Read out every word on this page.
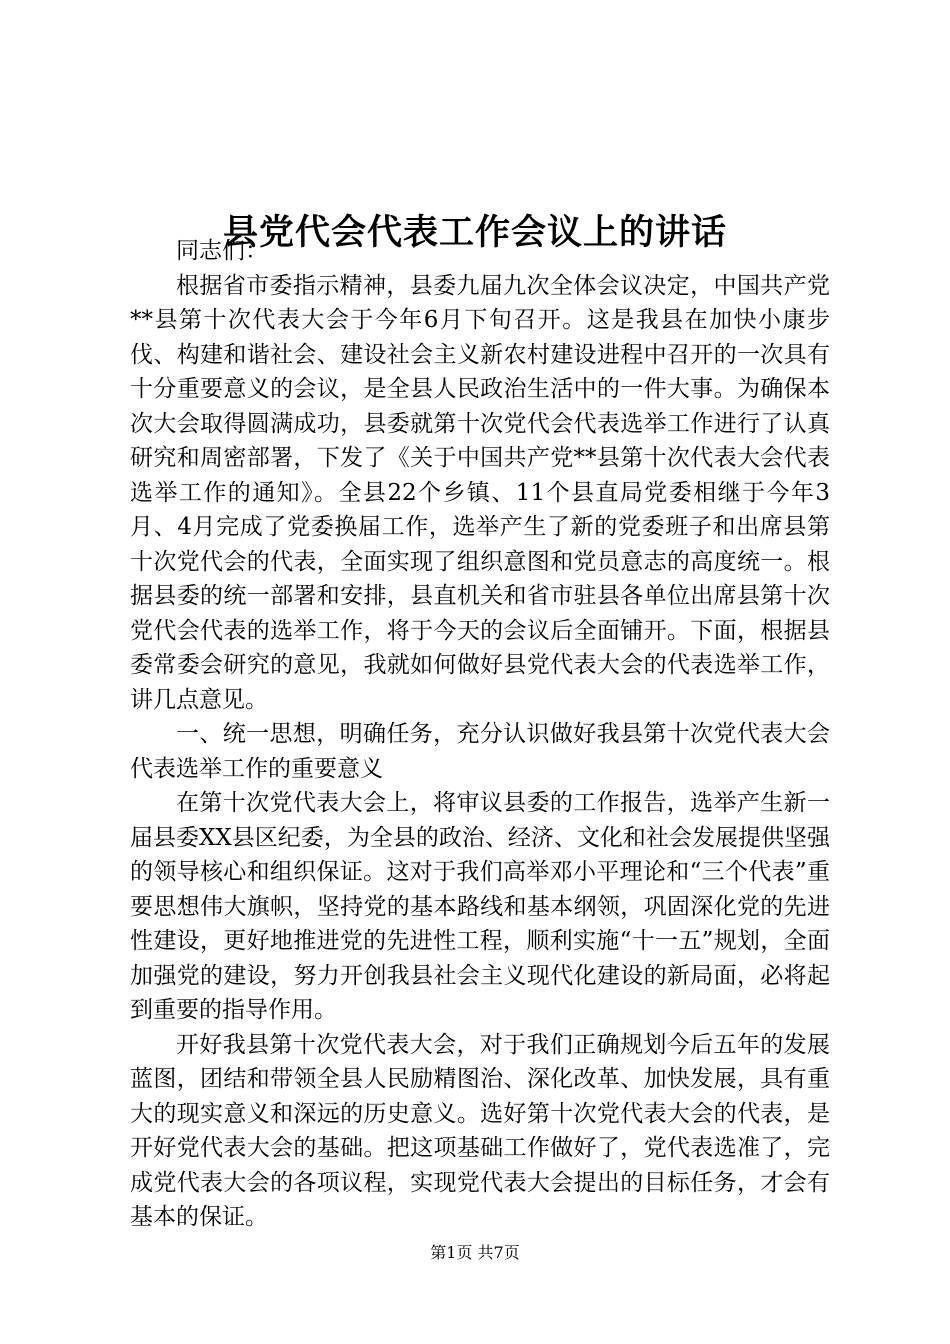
县党代会代表工作会议上的讲话

同志们：

根据省市委指示精神，县委九届九次全体会议决定，中国共产党**县第十次代表大会于今年6月下旬召开。这是我县在加快小康步伐、构建和谐社会、建设社会主义新农村建设进程中召开的一次具有十分重要意义的会议，是全县人民政治生活中的一件大事。为确保本次大会取得圆满成功，县委就第十次党代会代表选举工作进行了认真研究和周密部署，下发了《关于中国共产党**县第十次代表大会代表选举工作的通知》。全县22个乡镇、11个县直局党委相继于今年3月、4月完成了党委换届工作，选举产生了新的党委班子和出席县第十次党代会的代表，全面实现了组织意图和党员意志的高度统一。根据县委的统一部署和安排，县直机关和省市驻县各单位出席县第十次党代会代表的选举工作，将于今天的会议后全面铺开。下面，根据县委常委会研究的意见，我就如何做好县党代表大会的代表选举工作，讲几点意见。

一、统一思想，明确任务，充分认识做好我县第十次党代表大会代表选举工作的重要意义

在第十次党代表大会上，将审议县委的工作报告，选举产生新一届县委XX县区纪委，为全县的政治、经济、文化和社会发展提供坚强的领导核心和组织保证。这对于我们高举邓小平理论和“三个代表”重要思想伟大旗帜，坚持党的基本路线和基本纲领，巩固深化党的先进性建设，更好地推进党的先进性工程，顺利实施“十一五”规划，全面加强党的建设，努力开创我县社会主义现代化建设的新局面，必将起到重要的指导作用。

开好我县第十次党代表大会，对于我们正确规划今后五年的发展蓝图，团结和带领全县人民励精图治、深化改革、加快发展，具有重大的现实意义和深远的历史意义。选好第十次党代表大会的代表，是开好党代表大会的基础。把这项基础工作做好了，党代表选准了，完成党代表大会的各项议程，实现党代表大会提出的目标任务，才会有基本的保证。

第1页 共7页
